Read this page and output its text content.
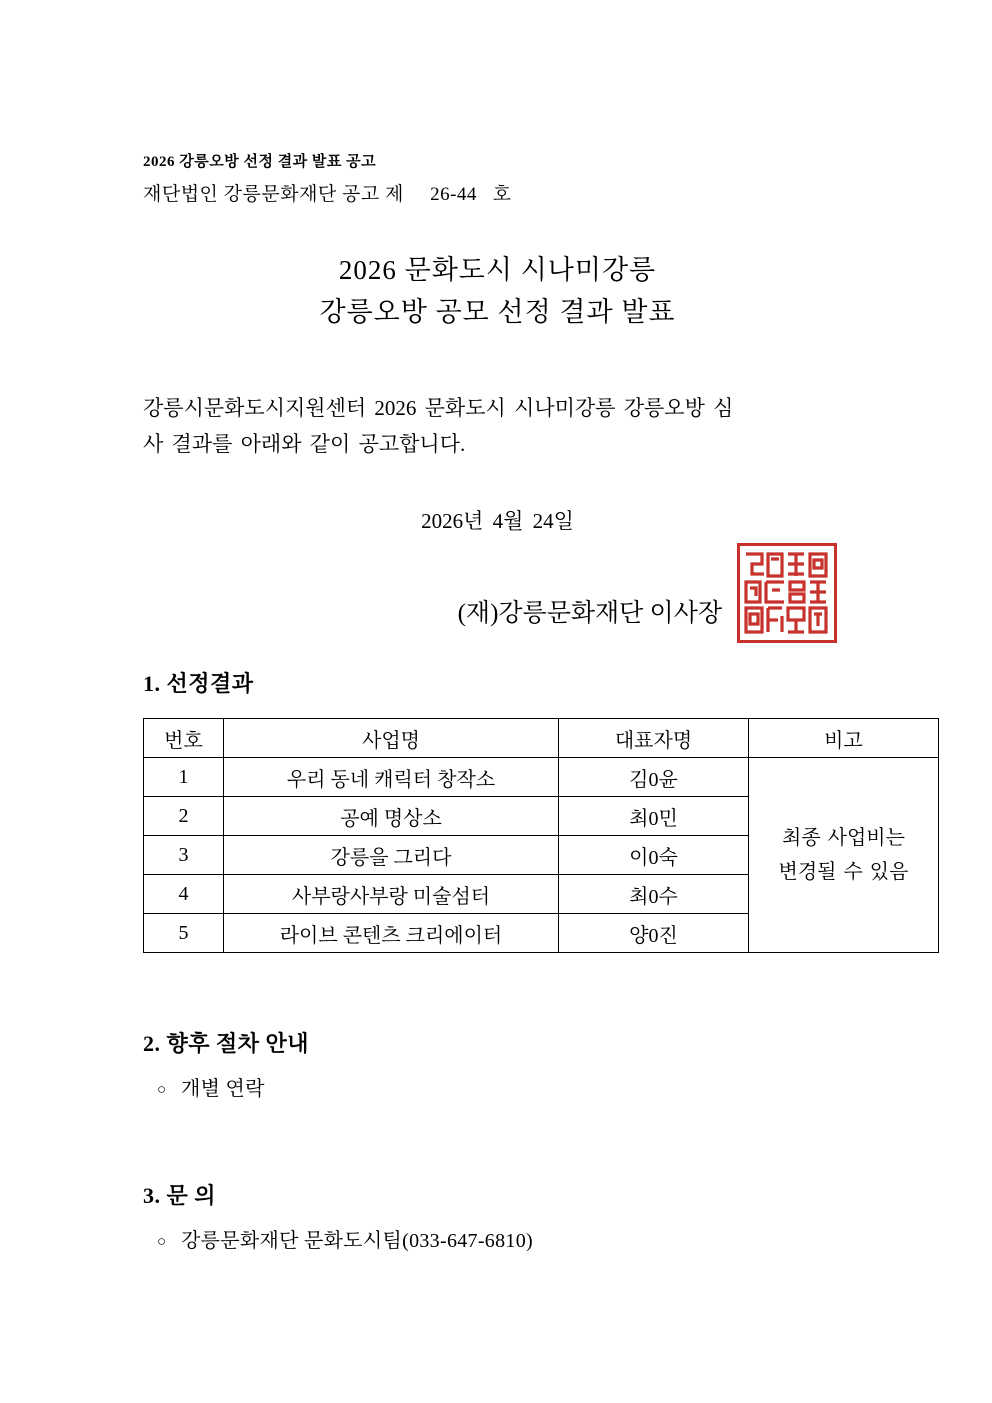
2026 강릉오방 선정 결과 발표 공고
재단법인 강릉문화재단 공고 제     26-44   호
2026 문화도시 시나미강릉
강릉오방 공모 선정 결과 발표
강릉시문화도시지원센터 2026 문화도시 시나미강릉 강릉오방 심
사 결과를 아래와 같이 공고합니다.
2026년 4월 24일
(재)강릉문화재단 이사장
1. 선정결과
번호	사업명	대표자명	비고
1	우리 동네 캐릭터 창작소	김0윤	최종 사업비는
변경될 수 있음

2	공예 명상소	최0민	
3	강릉을 그리다	이0숙	
4	사부랑사부랑 미술섬터	최0수	
5	라이브 콘텐츠 크리에이터	양0진	
2. 향후 절차 안내
○ 개별 연락
3. 문 의
○ 강릉문화재단 문화도시팀(033-647-6810)
